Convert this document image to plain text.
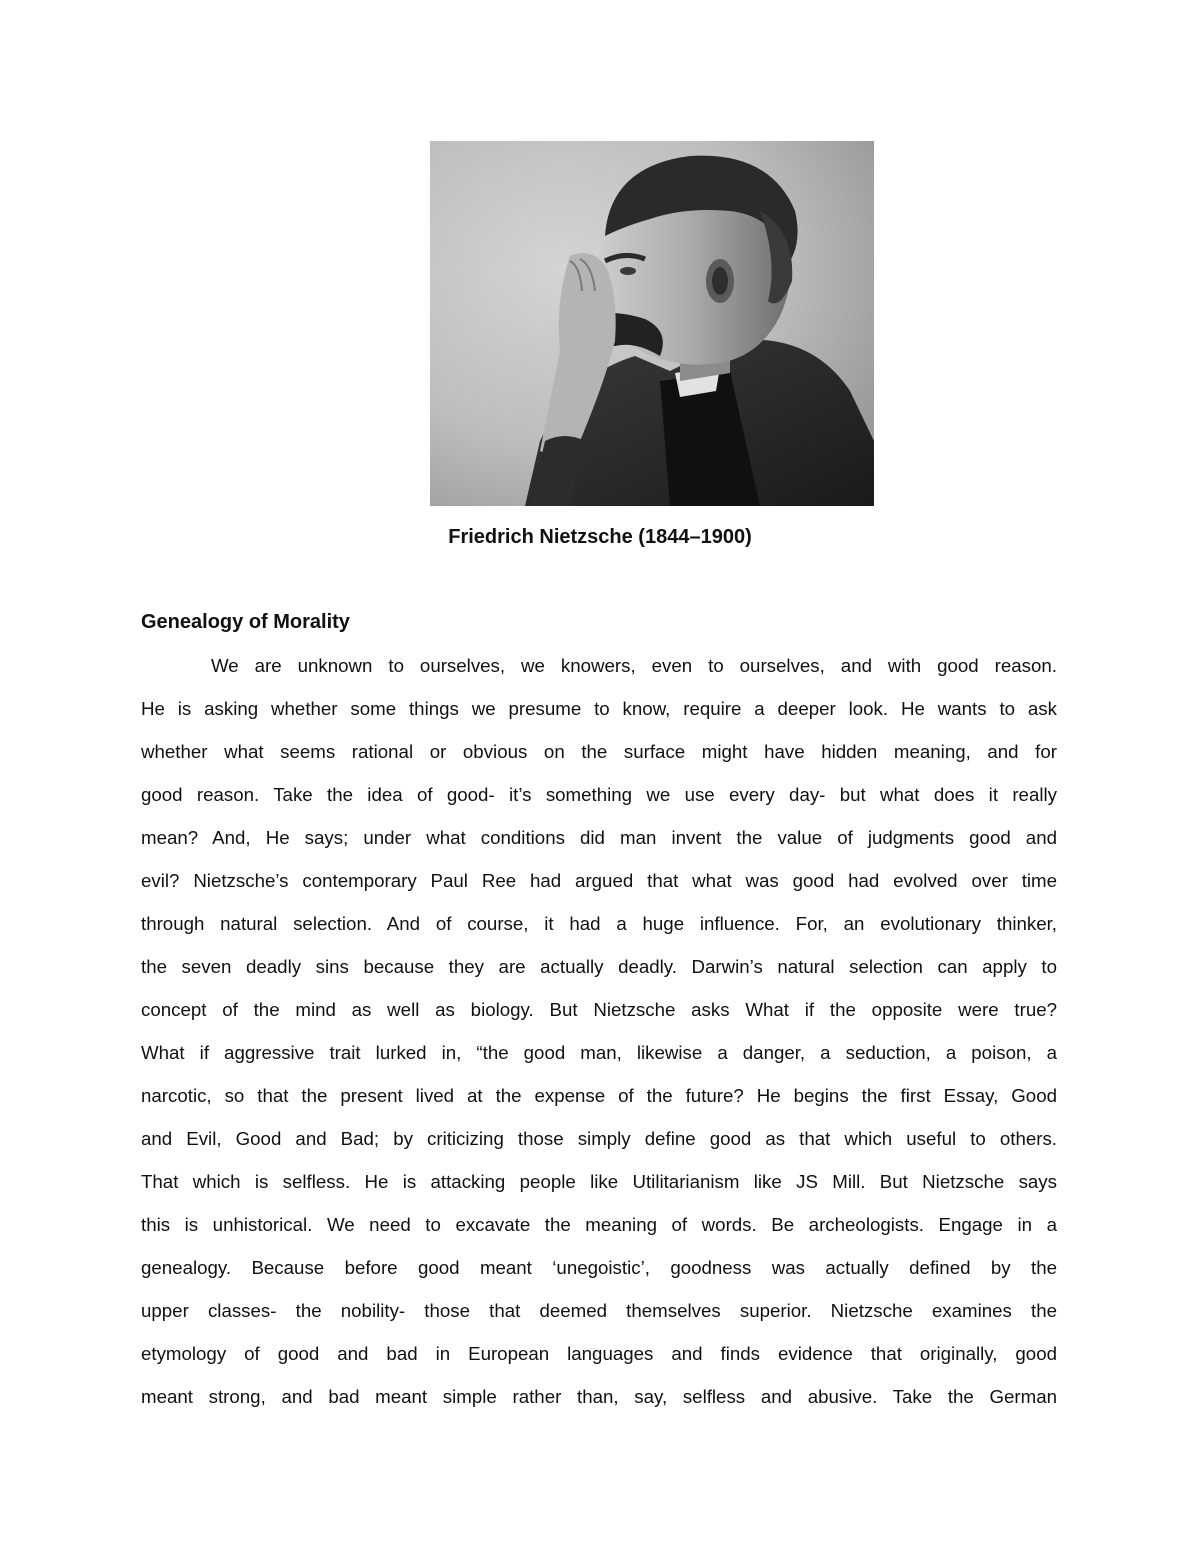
Friedrich Nietzsche (1844–1900)
Genealogy of Morality
We are unknown to ourselves, we knowers, even to ourselves, and with good reason.
He is asking whether some things we presume to know, require a deeper look. He wants to ask
whether what seems rational or obvious on the surface might have hidden meaning, and for
good reason. Take the idea of good- it’s something we use every day- but what does it really
mean? And, He says; under what conditions did man invent the value of judgments good and
evil? Nietzsche’s contemporary Paul Ree had argued that what was good had evolved over time
through natural selection. And of course, it had a huge influence. For, an evolutionary thinker,
the seven deadly sins because they are actually deadly. Darwin’s natural selection can apply to
concept of the mind as well as biology. But Nietzsche asks What if the opposite were true?
What if aggressive trait lurked in, “the good man, likewise a danger, a seduction, a poison, a
narcotic, so that the present lived at the expense of the future? He begins the first Essay, Good
and Evil, Good and Bad; by criticizing those simply define good as that which useful to others.
That which is selfless. He is attacking people like Utilitarianism like JS Mill. But Nietzsche says
this is unhistorical. We need to excavate the meaning of words. Be archeologists. Engage in a
genealogy. Because before good meant ‘unegoistic’, goodness was actually defined by the
upper classes- the nobility- those that deemed themselves superior. Nietzsche examines the
etymology of good and bad in European languages and finds evidence that originally, good
meant strong, and bad meant simple rather than, say, selfless and abusive. Take the German
